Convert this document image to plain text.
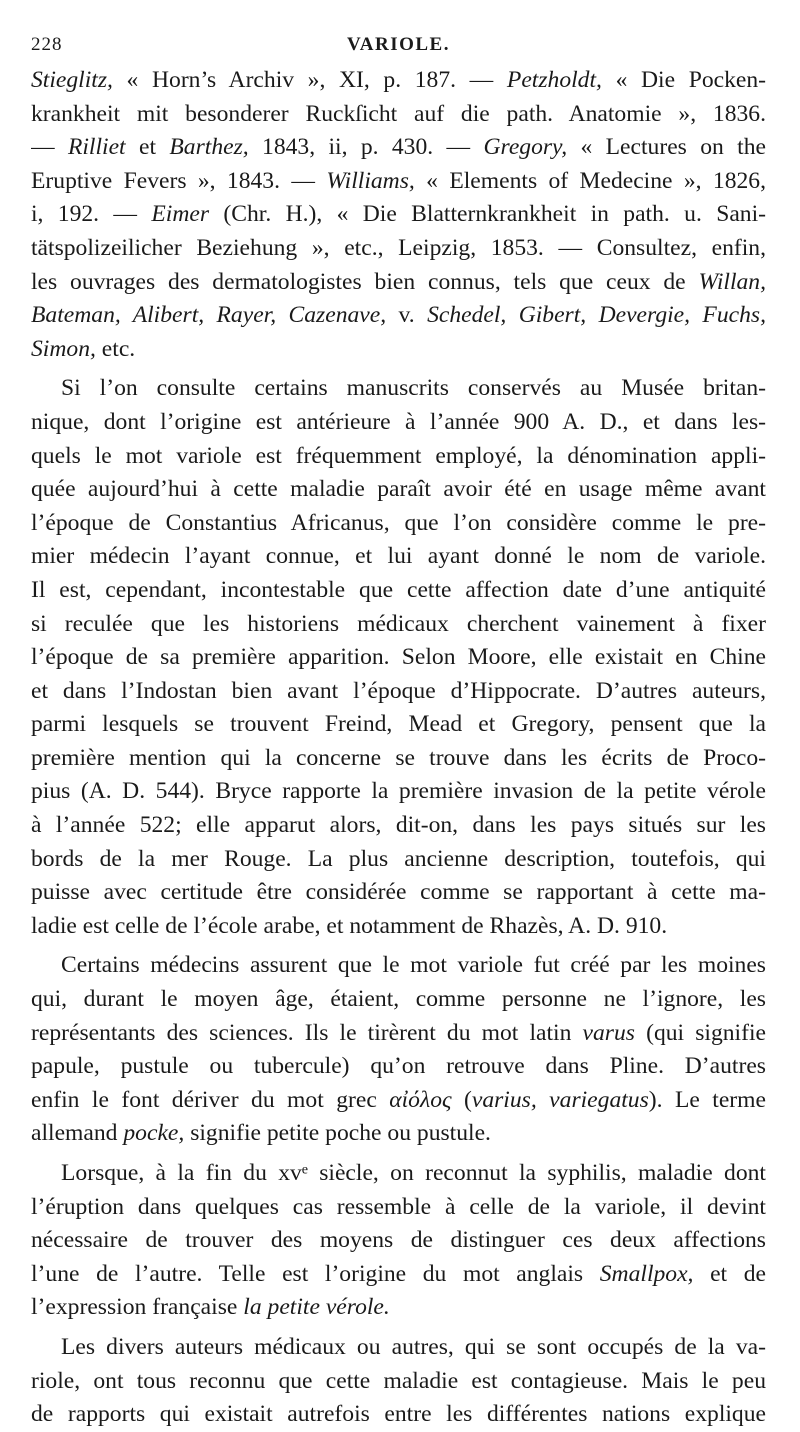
228	VARIOLE.
Stieglitz, « Horn’s Archiv », XI, p. 187. — Petzholdt, « Die Pocken-
krankheit mit besonderer Ruckſicht auf die path. Anatomie », 1836.
— Rilliet et Barthez, 1843, ii, p. 430. — Gregory, « Lectures on the
Eruptive Fevers », 1843. — Williams, « Elements of Medecine », 1826,
i, 192. — Eimer (Chr. H.), « Die Blatternkrankheit in path. u. Sani-
tätspolizeilicher Beziehung », etc., Leipzig, 1853. — Consultez, enfin,
les ouvrages des dermatologistes bien connus, tels que ceux de Willan,
Bateman, Alibert, Rayer, Cazenave, v. Schedel, Gibert, Devergie, Fuchs,
Simon, etc.
Si l’on consulte certains manuscrits conservés au Musée britan-
nique, dont l’origine est antérieure à l’année 900 A. D., et dans les-
quels le mot variole est fréquemment employé, la dénomination appli-
quée aujourd’hui à cette maladie paraît avoir été en usage même avant
l’époque de Constantius Africanus, que l’on considère comme le pre-
mier médecin l’ayant connue, et lui ayant donné le nom de variole.
Il est, cependant, incontestable que cette affection date d’une antiquité
si reculée que les historiens médicaux cherchent vainement à fixer
l’époque de sa première apparition. Selon Moore, elle existait en Chine
et dans l’Indostan bien avant l’époque d’Hippocrate. D’autres auteurs,
parmi lesquels se trouvent Freind, Mead et Gregory, pensent que la
première mention qui la concerne se trouve dans les écrits de Proco-
pius (A. D. 544). Bryce rapporte la première invasion de la petite vérole
à l’année 522; elle apparut alors, dit-on, dans les pays situés sur les
bords de la mer Rouge. La plus ancienne description, toutefois, qui
puisse avec certitude être considérée comme se rapportant à cette ma-
ladie est celle de l’école arabe, et notamment de Rhazès, A. D. 910.
Certains médecins assurent que le mot variole fut créé par les moines
qui, durant le moyen âge, étaient, comme personne ne l’ignore, les
représentants des sciences. Ils le tirèrent du mot latin varus (qui signifie
papule, pustule ou tubercule) qu’on retrouve dans Pline. D’autres
enfin le font dériver du mot grec αἰόλος (varius, variegatus). Le terme
allemand pocke, signifie petite poche ou pustule.
Lorsque, à la fin du xvᵉ siècle, on reconnut la syphilis, maladie dont
l’éruption dans quelques cas ressemble à celle de la variole, il devint
nécessaire de trouver des moyens de distinguer ces deux affections
l’une de l’autre. Telle est l’origine du mot anglais Smallpox, et de
l’expression française la petite vérole.
Les divers auteurs médicaux ou autres, qui se sont occupés de la va-
riole, ont tous reconnu que cette maladie est contagieuse. Mais le peu
de rapports qui existait autrefois entre les différentes nations explique
